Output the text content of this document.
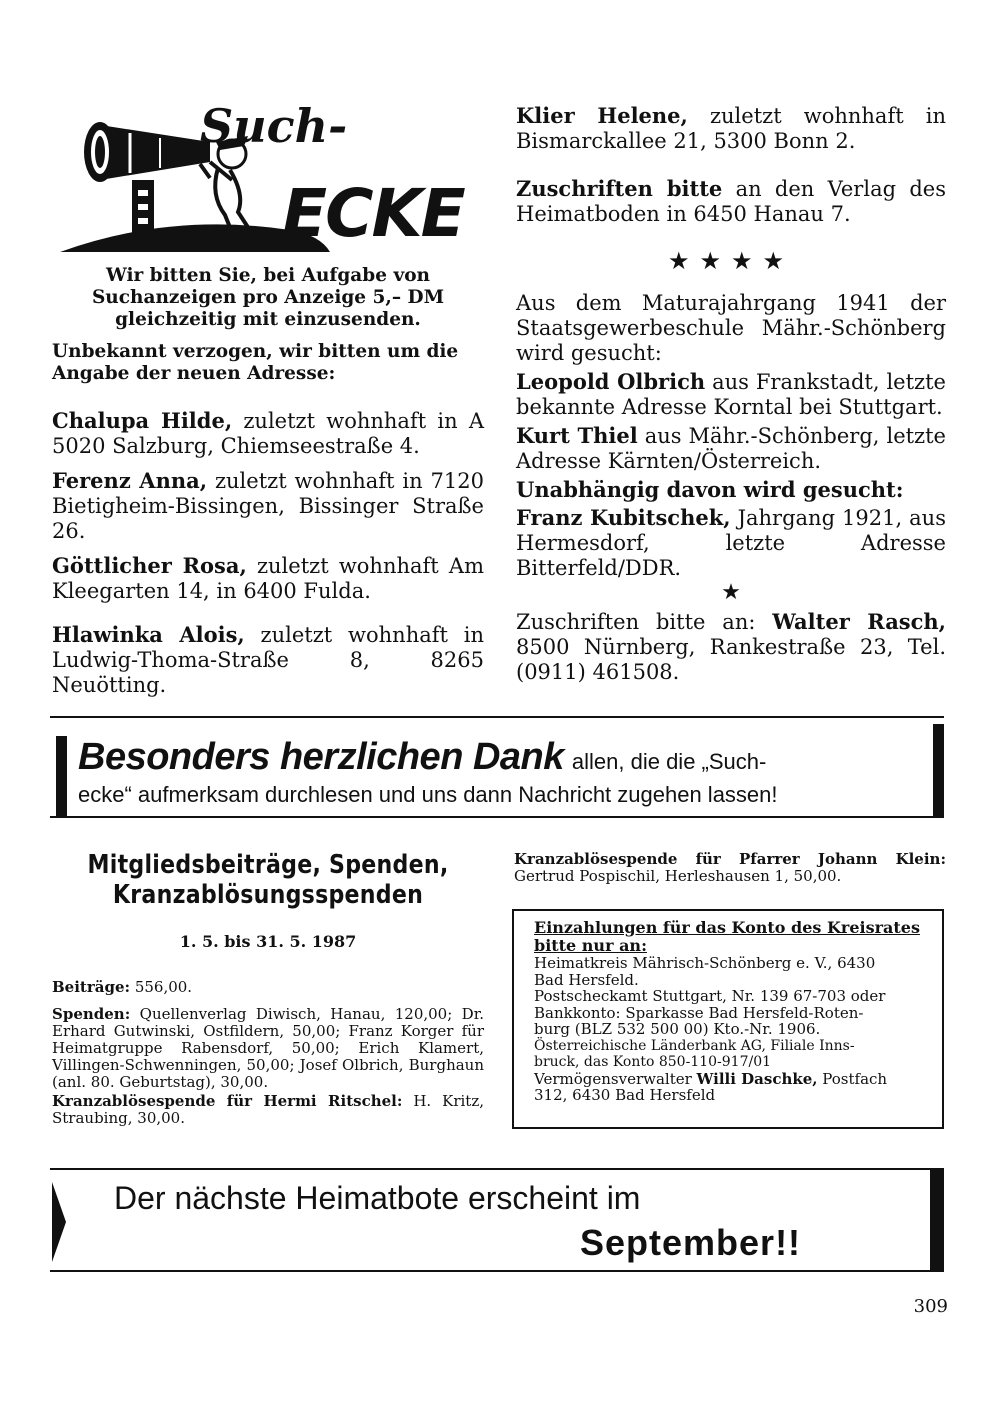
Such-
ECKE

Wir bitten Sie, bei Aufgabe von Suchanzeigen pro Anzeige 5,– DM gleichzeitig mit einzusenden.

Unbekannt verzogen, wir bitten um die Angabe der neuen Adresse:

Chalupa Hilde, zuletzt wohnhaft in A 5020 Salzburg, Chiemseestraße 4.

Ferenz Anna, zuletzt wohnhaft in 7120 Bietigheim-Bissingen, Bissinger Straße 26.

Göttlicher Rosa, zuletzt wohnhaft Am Kleegarten 14, in 6400 Fulda.

Hlawinka Alois, zuletzt wohnhaft in Ludwig-Thoma-Straße 8, 8265 Neuötting.

Klier Helene, zuletzt wohnhaft in Bismarckallee 21, 5300 Bonn 2.

Zuschriften bitte an den Verlag des Heimatboden in 6450 Hanau 7.

★★★★

Aus dem Maturajahrgang 1941 der Staatsgewerbeschule Mähr.-Schönberg wird gesucht:

Leopold Olbrich aus Frankstadt, letzte bekannte Adresse Korntal bei Stuttgart.

Kurt Thiel aus Mähr.-Schönberg, letzte Adresse Kärnten/Österreich.

Unabhängig davon wird gesucht:

Franz Kubitschek, Jahrgang 1921, aus Hermesdorf, letzte Adresse Bitterfeld/DDR.

★

Zuschriften bitte an: Walter Rasch, 8500 Nürnberg, Rankestraße 23, Tel. (0911) 461508.

Besonders herzlichen Dank allen, die die „Such-
ecke“ aufmerksam durchlesen und uns dann Nachricht zugehen lassen!

Mitgliedsbeiträge, Spenden,

Kranzablösungsspenden

1. 5. bis 31. 5. 1987

Beiträge: 556,00.

Spenden: Quellenverlag Diwisch, Hanau, 120,00; Dr. Erhard Gutwinski, Ostfildern, 50,00; Franz Korger für Heimatgruppe Rabensdorf, 50,00; Erich Klamert, Villingen-Schwenningen, 50,00; Josef Olbrich, Burghaun (anl. 80. Geburtstag), 30,00.

Kranzablösespende für Hermi Ritschel: H. Kritz, Straubing, 30,00.

Kranzablösespende für Pfarrer Johann Klein: Gertrud Pospischil, Herleshausen 1, 50,00.

Einzahlungen für das Konto des Kreisrates bitte nur an:

Heimatkreis Mährisch-Schönberg e. V., 6430

Bad Hersfeld.

Postscheckamt Stuttgart, Nr. 139 67-703 oder

Bankkonto: Sparkasse Bad Hersfeld-Roten-

burg (BLZ 532 500 00) Kto.-Nr. 1906.

Österreichische Länderbank AG, Filiale Inns-

bruck, das Konto 850-110-917/01

Vermögensverwalter Willi Daschke, Postfach

312, 6430 Bad Hersfeld

Der nächste Heimatbote erscheint im
September!!

309
